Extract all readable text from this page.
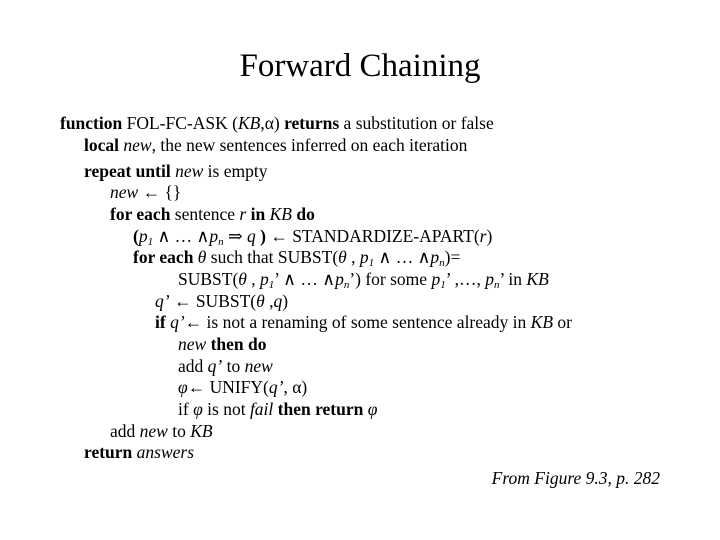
Forward Chaining
function FOL-FC-ASK (KB,α) returns a substitution or false
local new, the new sentences inferred on each iteration
repeat until new is empty
new ← {}
for each sentence r in KB do
($p_1$ ∧ … $\wedge p_n$ ⇒ q ) ← STANDARDIZE-APART(r)
for each θ such that SUBST(θ , $p_1$ ∧ … $\wedge p_n)=$
SUBST(θ , $p_1$’ ∧ … $\wedge p_n$’) for some $p_1$’ ,…, $p_n$’ in KB
q’ ← SUBST(θ ,q)
if q’← is not a renaming of some sentence already in KB or
new then do
add q’ to new
φ← UNIFY(q’, α)
if φ is not fail then return φ
add new to KB
return answers
From Figure 9.3, p. 282
